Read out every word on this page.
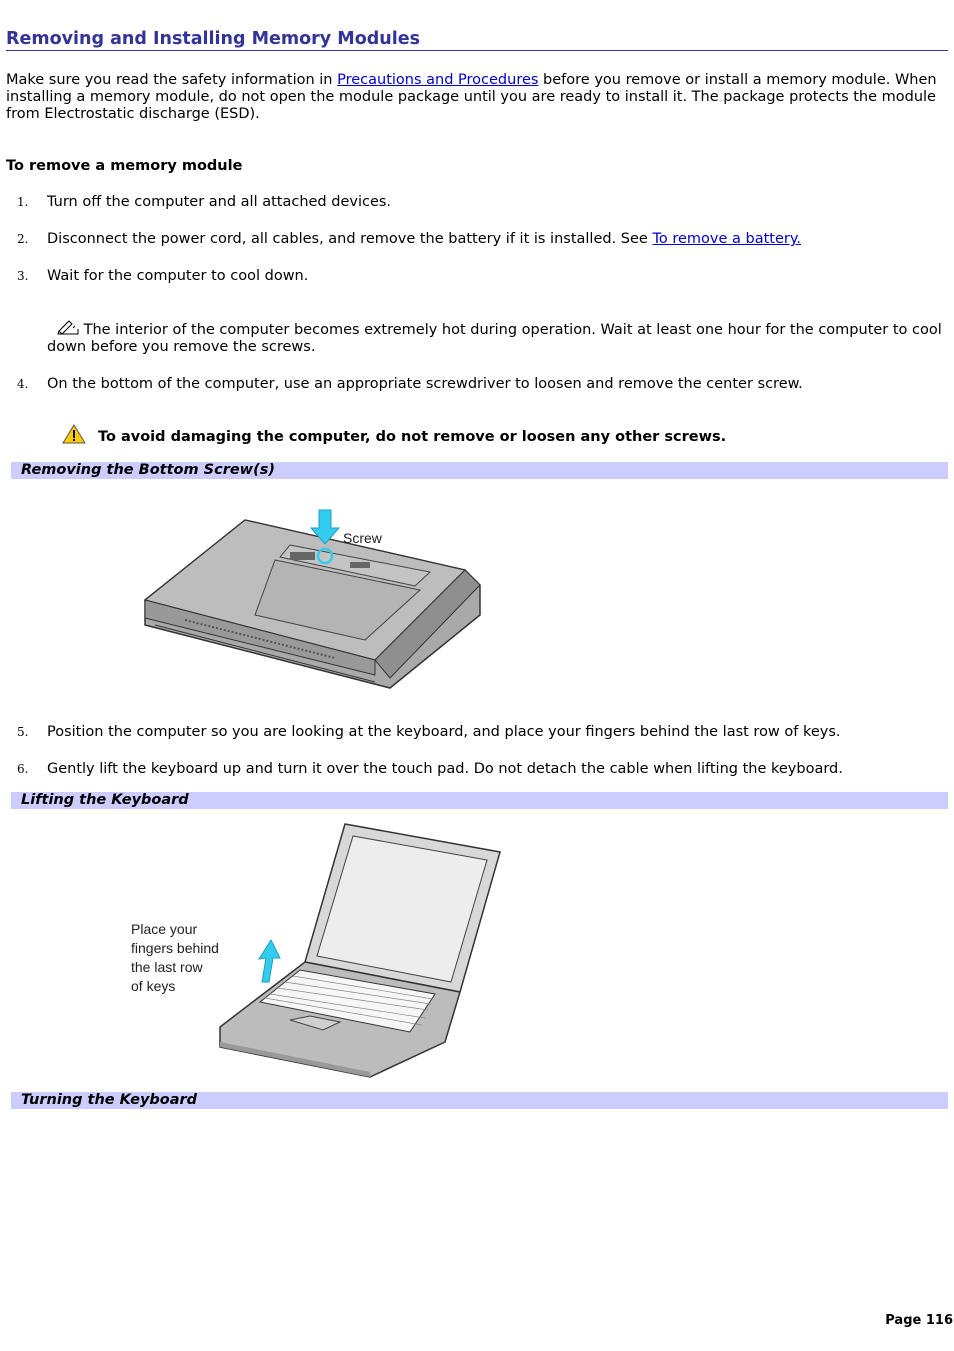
Removing and Installing Memory Modules
Make sure you read the safety information in Precautions and Procedures before you remove or install a memory module. When installing a memory module, do not open the module package until you are ready to install it. The package protects the module from Electrostatic discharge (ESD).
To remove a memory module
1.	Turn off the computer and all attached devices.
2.	Disconnect the power cord, all cables, and remove the battery if it is installed. See To remove a battery.
3.	Wait for the computer to cool down.
The interior of the computer becomes extremely hot during operation. Wait at least one hour for the computer to cool down before you remove the screws.
4.	On the bottom of the computer, use an appropriate screwdriver to loosen and remove the center screw.
To avoid damaging the computer, do not remove or loosen any other screws.
Removing the Bottom Screw(s)
Screw
5.	Position the computer so you are looking at the keyboard, and place your fingers behind the last row of keys.
6.	Gently lift the keyboard up and turn it over the touch pad. Do not detach the cable when lifting the keyboard.
Lifting the Keyboard
Place your fingers behind the last row of keys
Turning the Keyboard
Page 116
